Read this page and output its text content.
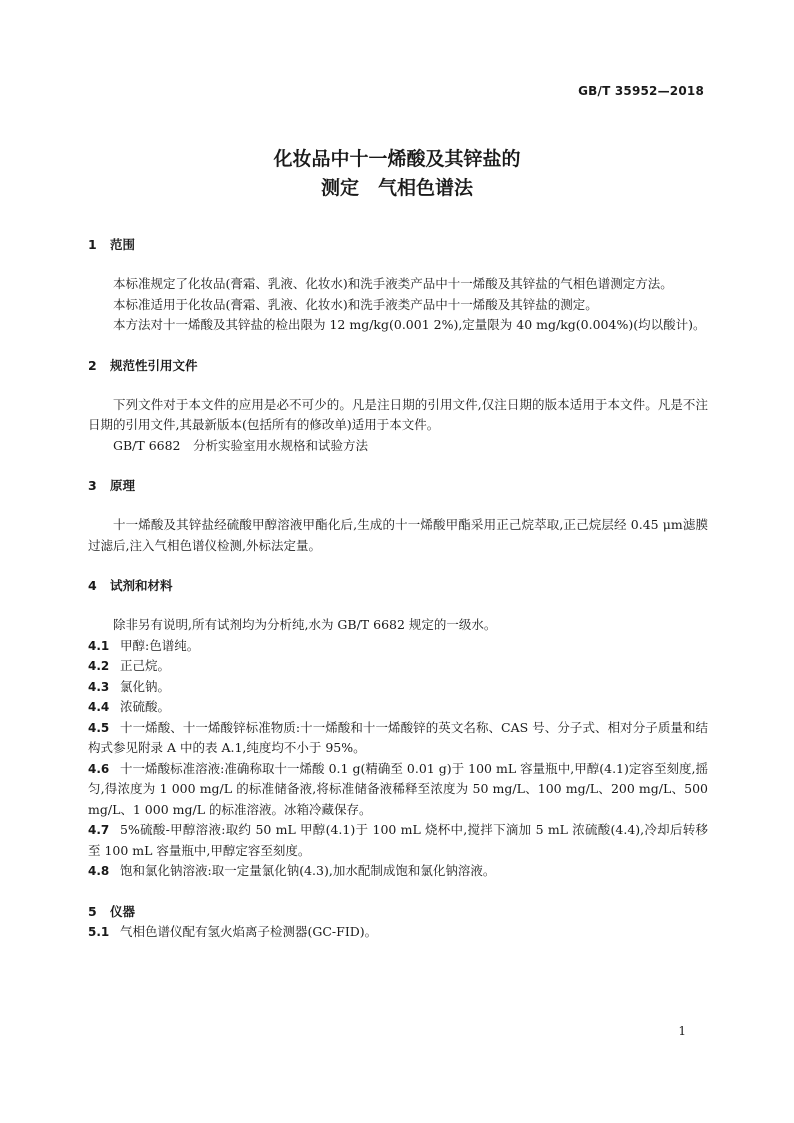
GB/T 35952—2018
化妆品中十一烯酸及其锌盐的
测定　气相色谱法
1 范围

本标准规定了化妆品(膏霜、乳液、化妆水)和洗手液类产品中十一烯酸及其锌盐的气相色谱测定方法。

本标准适用于化妆品(膏霜、乳液、化妆水)和洗手液类产品中十一烯酸及其锌盐的测定。

本方法对十一烯酸及其锌盐的检出限为 12 mg/kg(0.001 2%),定量限为 40 mg/kg(0.004%)(均以酸计)。

2 规范性引用文件

下列文件对于本文件的应用是必不可少的。凡是注日期的引用文件,仅注日期的版本适用于本文件。凡是不注日期的引用文件,其最新版本(包括所有的修改单)适用于本文件。

GB/T 6682　分析实验室用水规格和试验方法

3 原理

十一烯酸及其锌盐经硫酸甲醇溶液甲酯化后,生成的十一烯酸甲酯采用正己烷萃取,正己烷层经 0.45 μm滤膜过滤后,注入气相色谱仪检测,外标法定量。

4 试剂和材料

除非另有说明,所有试剂均为分析纯,水为 GB/T 6682 规定的一级水。

4.1 甲醇:色谱纯。

4.2 正己烷。

4.3 氯化钠。

4.4 浓硫酸。

4.5 十一烯酸、十一烯酸锌标准物质:十一烯酸和十一烯酸锌的英文名称、CAS 号、分子式、相对分子质量和结构式参见附录 A 中的表 A.1,纯度均不小于 95%。

4.6 十一烯酸标准溶液:准确称取十一烯酸 0.1 g(精确至 0.01 g)于 100 mL 容量瓶中,甲醇(4.1)定容至刻度,摇匀,得浓度为 1 000 mg/L 的标准储备液,将标准储备液稀释至浓度为 50 mg/L、100 mg/L、200 mg/L、500 mg/L、1 000 mg/L 的标准溶液。冰箱冷藏保存。

4.7 5%硫酸-甲醇溶液:取约 50 mL 甲醇(4.1)于 100 mL 烧杯中,搅拌下滴加 5 mL 浓硫酸(4.4),冷却后转移至 100 mL 容量瓶中,甲醇定容至刻度。

4.8 饱和氯化钠溶液:取一定量氯化钠(4.3),加水配制成饱和氯化钠溶液。

5 仪器

5.1 气相色谱仪配有氢火焰离子检测器(GC-FID)。

1
